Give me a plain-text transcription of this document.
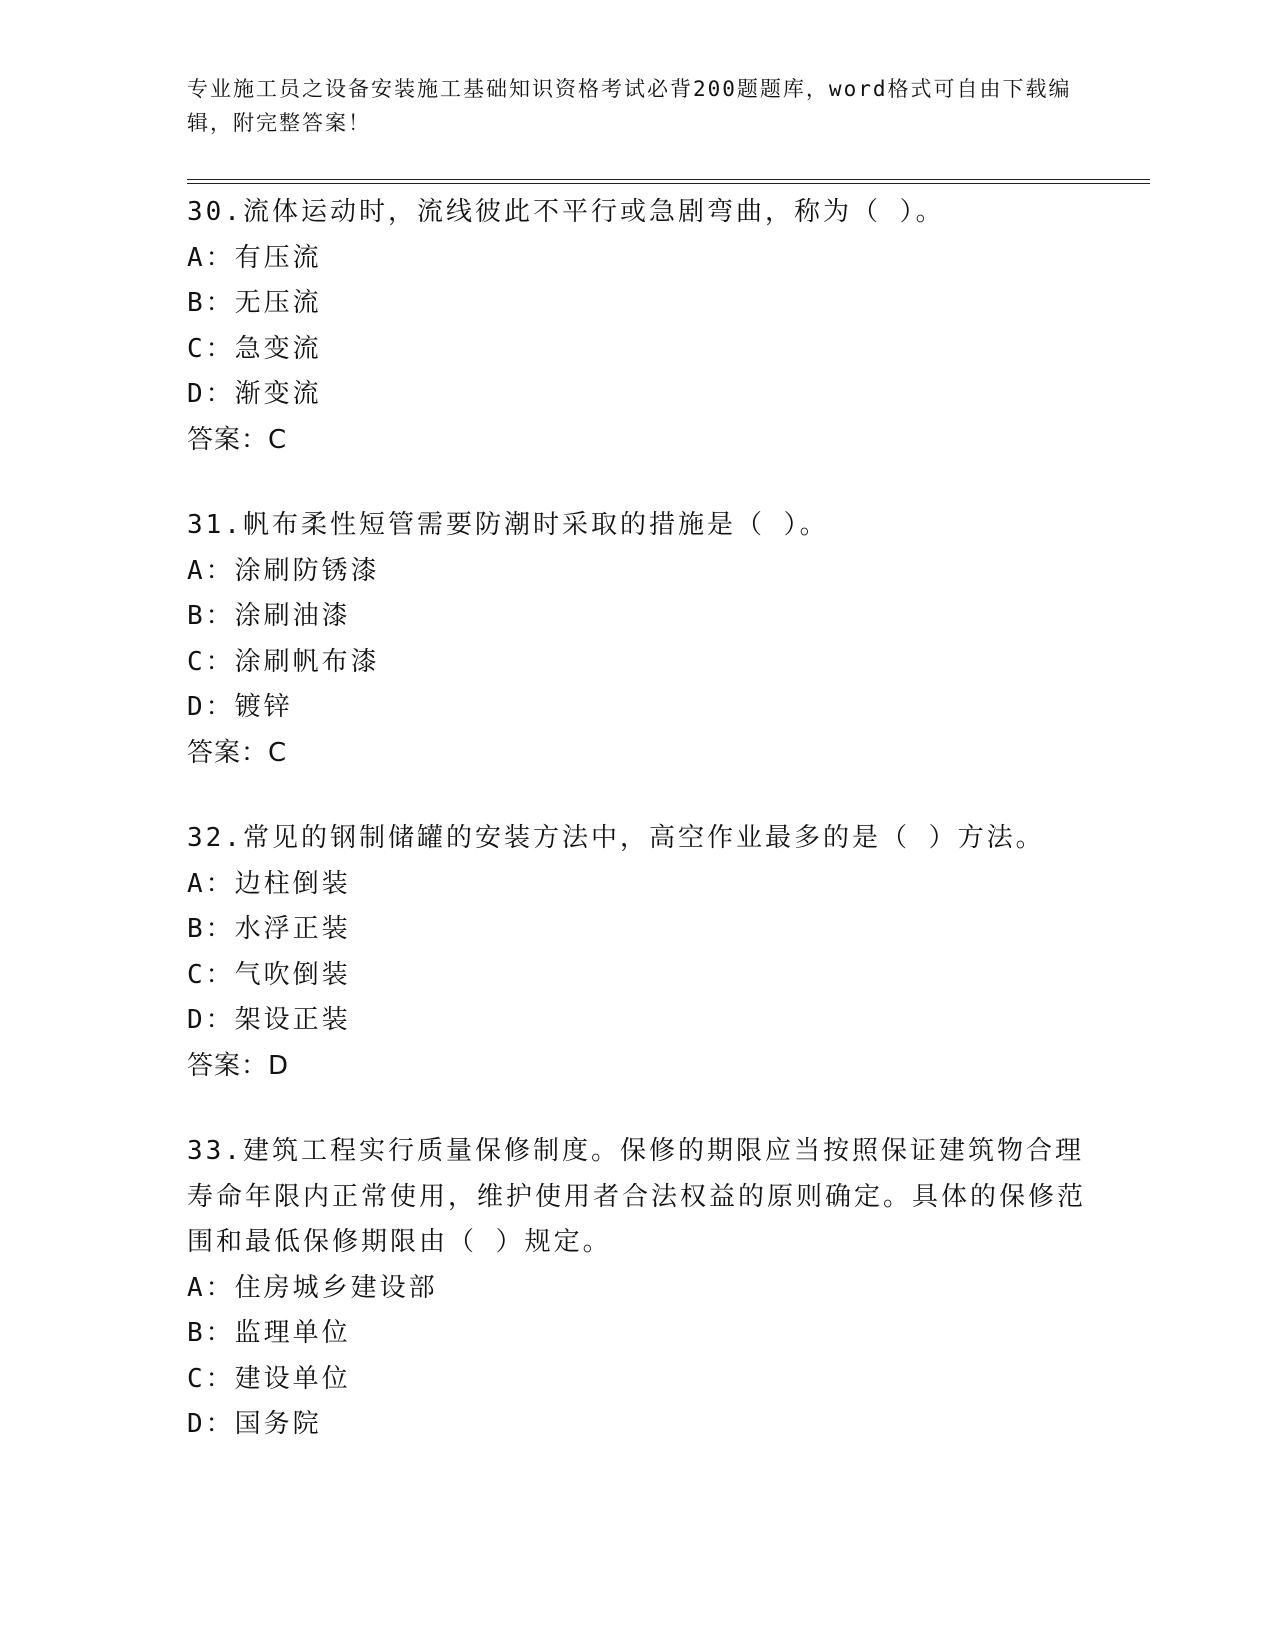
专业施工员之设备安装施工基础知识资格考试必背200题题库，word格式可自由下载编辑，附完整答案！
30.流体运动时，流线彼此不平行或急剧弯曲，称为（ ）。
A：有压流
B：无压流
C：急变流
D：渐变流
答案：C
31.帆布柔性短管需要防潮时采取的措施是（ ）。
A：涂刷防锈漆
B：涂刷油漆
C：涂刷帆布漆
D：镀锌
答案：C
32.常见的钢制储罐的安装方法中，高空作业最多的是（ ）方法。
A：边柱倒装
B：水浮正装
C：气吹倒装
D：架设正装
答案：D
33.建筑工程实行质量保修制度。保修的期限应当按照保证建筑物合理寿命年限内正常使用，维护使用者合法权益的原则确定。具体的保修范围和最低保修期限由（ ）规定。
A：住房城乡建设部
B：监理单位
C：建设单位
D：国务院
